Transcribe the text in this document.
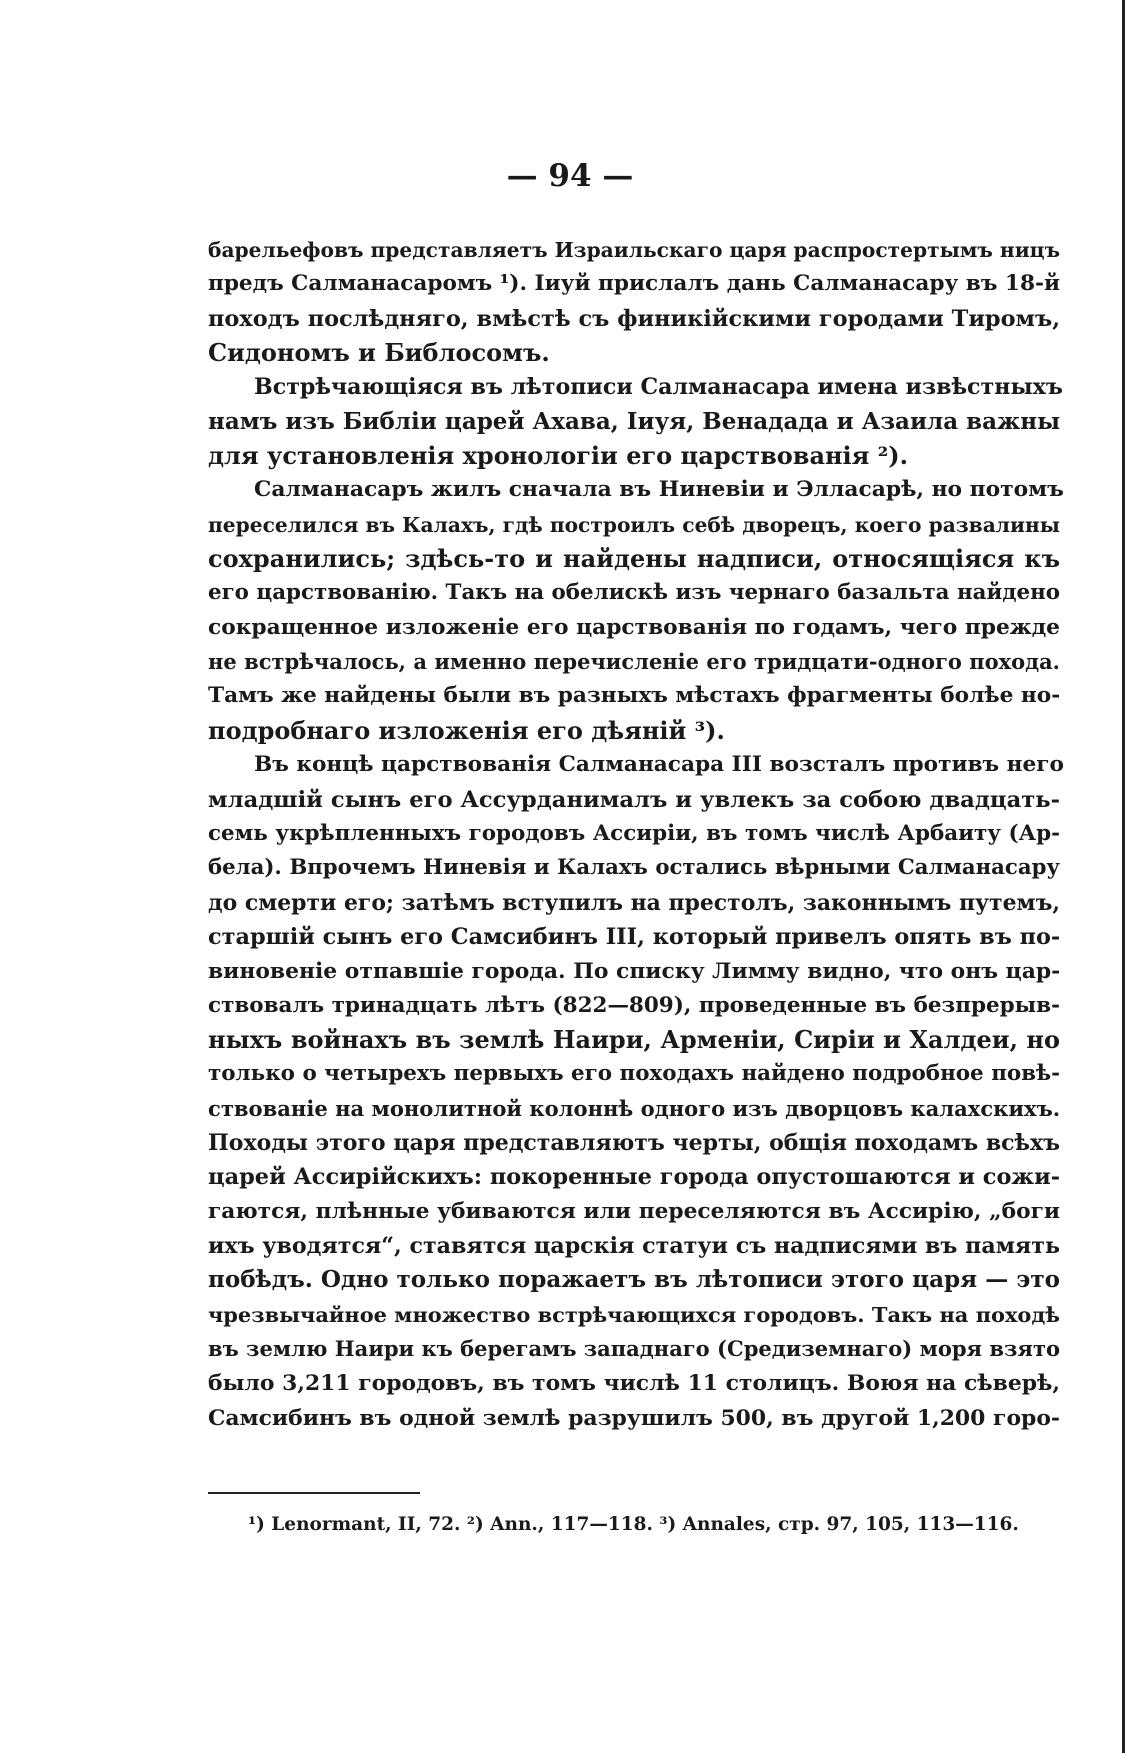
— 94 —
барельефовъ представляетъ Израильскаго царя распростертымъ ницъ
предъ Салманасаромъ ¹). Іиуй прислалъ дань Салманасару въ 18-й
походъ послѣдняго, вмѣстѣ съ финикійскими городами Тиромъ,
Сидономъ и Библосомъ.
Встрѣчающіяся въ лѣтописи Салманасара имена извѣстныхъ
намъ изъ Библіи царей Ахава, Іиуя, Венадада и Азаила важны
для установленія хронологіи его царствованія ²).
Салманасаръ жилъ сначала въ Ниневіи и Элласарѣ, но потомъ
переселился въ Калахъ, гдѣ построилъ себѣ дворецъ, коего развалины
сохранились; здѣсь-то и найдены надписи, относящіяся къ
его царствованію. Такъ на обелискѣ изъ чернаго базальта найдено
сокращенное изложеніе его царствованія по годамъ, чего прежде
не встрѣчалось, а именно перечисленіе его тридцати-одного похода.
Тамъ же найдены были въ разныхъ мѣстахъ фрагменты болѣе но-
подробнаго изложенія его дѣяній ³).
Въ концѣ царствованія Салманасара III возсталъ противъ него
младшій сынъ его Ассурданималъ и увлекъ за собою двадцать-
семь укрѣпленныхъ городовъ Ассиріи, въ томъ числѣ Арбаиту (Ар-
бела). Впрочемъ Ниневія и Калахъ остались вѣрными Салманасару
до смерти его; затѣмъ вступилъ на престолъ, законнымъ путемъ,
старшій сынъ его Самсибинъ III, который привелъ опять въ по-
виновеніе отпавшіе города. По списку Лимму видно, что онъ цар-
ствовалъ тринадцать лѣтъ (822—809), проведенные въ безпрерыв-
ныхъ войнахъ въ землѣ Наири, Арменіи, Сиріи и Халдеи, но
только о четырехъ первыхъ его походахъ найдено подробное повѣ-
ствованіе на монолитной колоннѣ одного изъ дворцовъ калахскихъ.
Походы этого царя представляютъ черты, общія походамъ всѣхъ
царей Ассирійскихъ: покоренные города опустошаются и сожи-
гаются, плѣнные убиваются или переселяются въ Ассирію, „боги
ихъ уводятся“, ставятся царскія статуи съ надписями въ память
побѣдъ. Одно только поражаетъ въ лѣтописи этого царя — это
чрезвычайное множество встрѣчающихся городовъ. Такъ на походѣ
въ землю Наири къ берегамъ западнаго (Средиземнаго) моря взято
было 3,211 городовъ, въ томъ числѣ 11 столицъ. Воюя на сѣверѣ,
Самсибинъ въ одной землѣ разрушилъ 500, въ другой 1,200 горо-
¹) Lenormant, II, 72. ²) Ann., 117—118. ³) Annales, стр. 97, 105, 113—116.
